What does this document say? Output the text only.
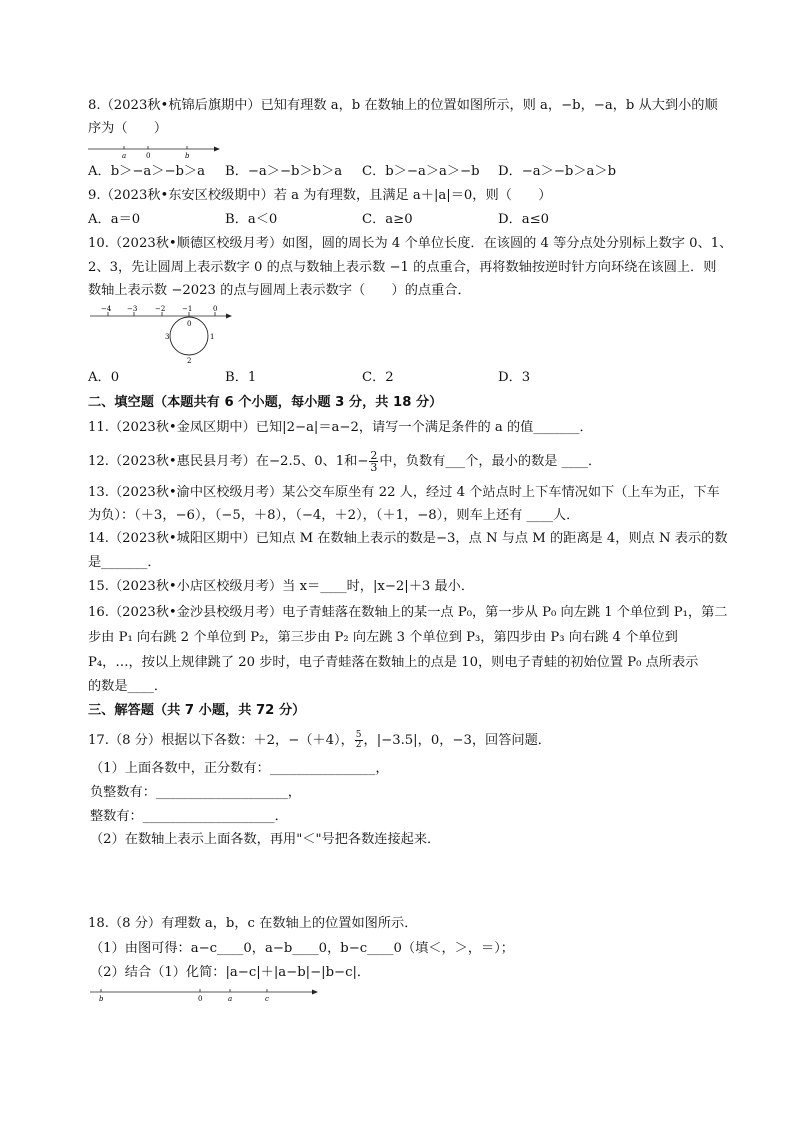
8.（2023秋•杭锦后旗期中）已知有理数 a，b 在数轴上的位置如图所示，则 a，−b，−a，b 从大到小的顺
序为（　　）
a	0	b
A．b＞−a＞−b＞a B．−a＞−b＞b＞a C．b＞−a＞a＞−b D．−a＞−b＞a＞b
9.（2023秋•东安区校级期中）若 a 为有理数，且满足 a＋|a|＝0，则（　　）
A．a＝0	B．a＜0	C．a≥0	D．a≤0
10.（2023秋•顺德区校级月考）如图，圆的周长为 4 个单位长度．在该圆的 4 等分点处分别标上数字 0、1、
2、3，先让圆周上表示数字 0 的点与数轴上表示数 −1 的点重合，再将数轴按逆时针方向环绕在该圆上．则
数轴上表示数 −2023 的点与圆周上表示数字（　　）的点重合．
−4 −3	−2 −1	0
0
1
2
3
A．0	B．1	C．2	D．3
二、填空题（本题共有 6 个小题，每小题 3 分，共 18 分）
11.（2023秋•金凤区期中）已知|2−a|＝a−2，请写一个满足条件的 a 的值_______．
12.（2023秋•惠民县月考）在−2.5、0、1和− $\frac{2}{3}$ 中，负数有___个，最小的数是 ____．
13.（2023秋•渝中区校级月考）某公交车原坐有 22 人，经过 4 个站点时上下车情况如下（上车为正，下车
为负）：（＋3，−6），（−5，＋8），（−4，＋2），（＋1，−8），则车上还有 ____人．
14.（2023秋•城阳区期中）已知点 M 在数轴上表示的数是−3，点 N 与点 M 的距离是 4，则点 N 表示的数
是_______．
15.（2023秋•小店区校级月考）当 x＝____时，|x−2|＋3 最小．
16.（2023秋•金沙县校级月考）电子青蛙落在数轴上的某一点 P₀，第一步从 P₀ 向左跳 1 个单位到 P₁，第二
步由 P₁ 向右跳 2 个单位到 P₂，第三步由 P₂ 向左跳 3 个单位到 P₃，第四步由 P₃ 向右跳 4 个单位到
P₄，…，按以上规律跳了 20 步时，电子青蛙落在数轴上的点是 10，则电子青蛙的初始位置 P₀ 点所表示
的数是____．
三、解答题（共 7 小题，共 72 分）
17.（8 分）根据以下各数：＋2，−（＋4）， $\frac{5}{2}$ ，|−3.5|，0，−3，回答问题．
（1）上面各数中，正分数有：________________，
负整数有：____________________，
整数有：____________________．
（2）在数轴上表示上面各数，再用"＜"号把各数连接起来．
18.（8 分）有理数 a，b，c 在数轴上的位置如图所示．
（1）由图可得：a−c____0，a−b____0，b−c____0（填＜，＞，＝）；
（2）结合（1）化简：|a−c|＋|a−b|−|b−c|．
b	0	a	c
